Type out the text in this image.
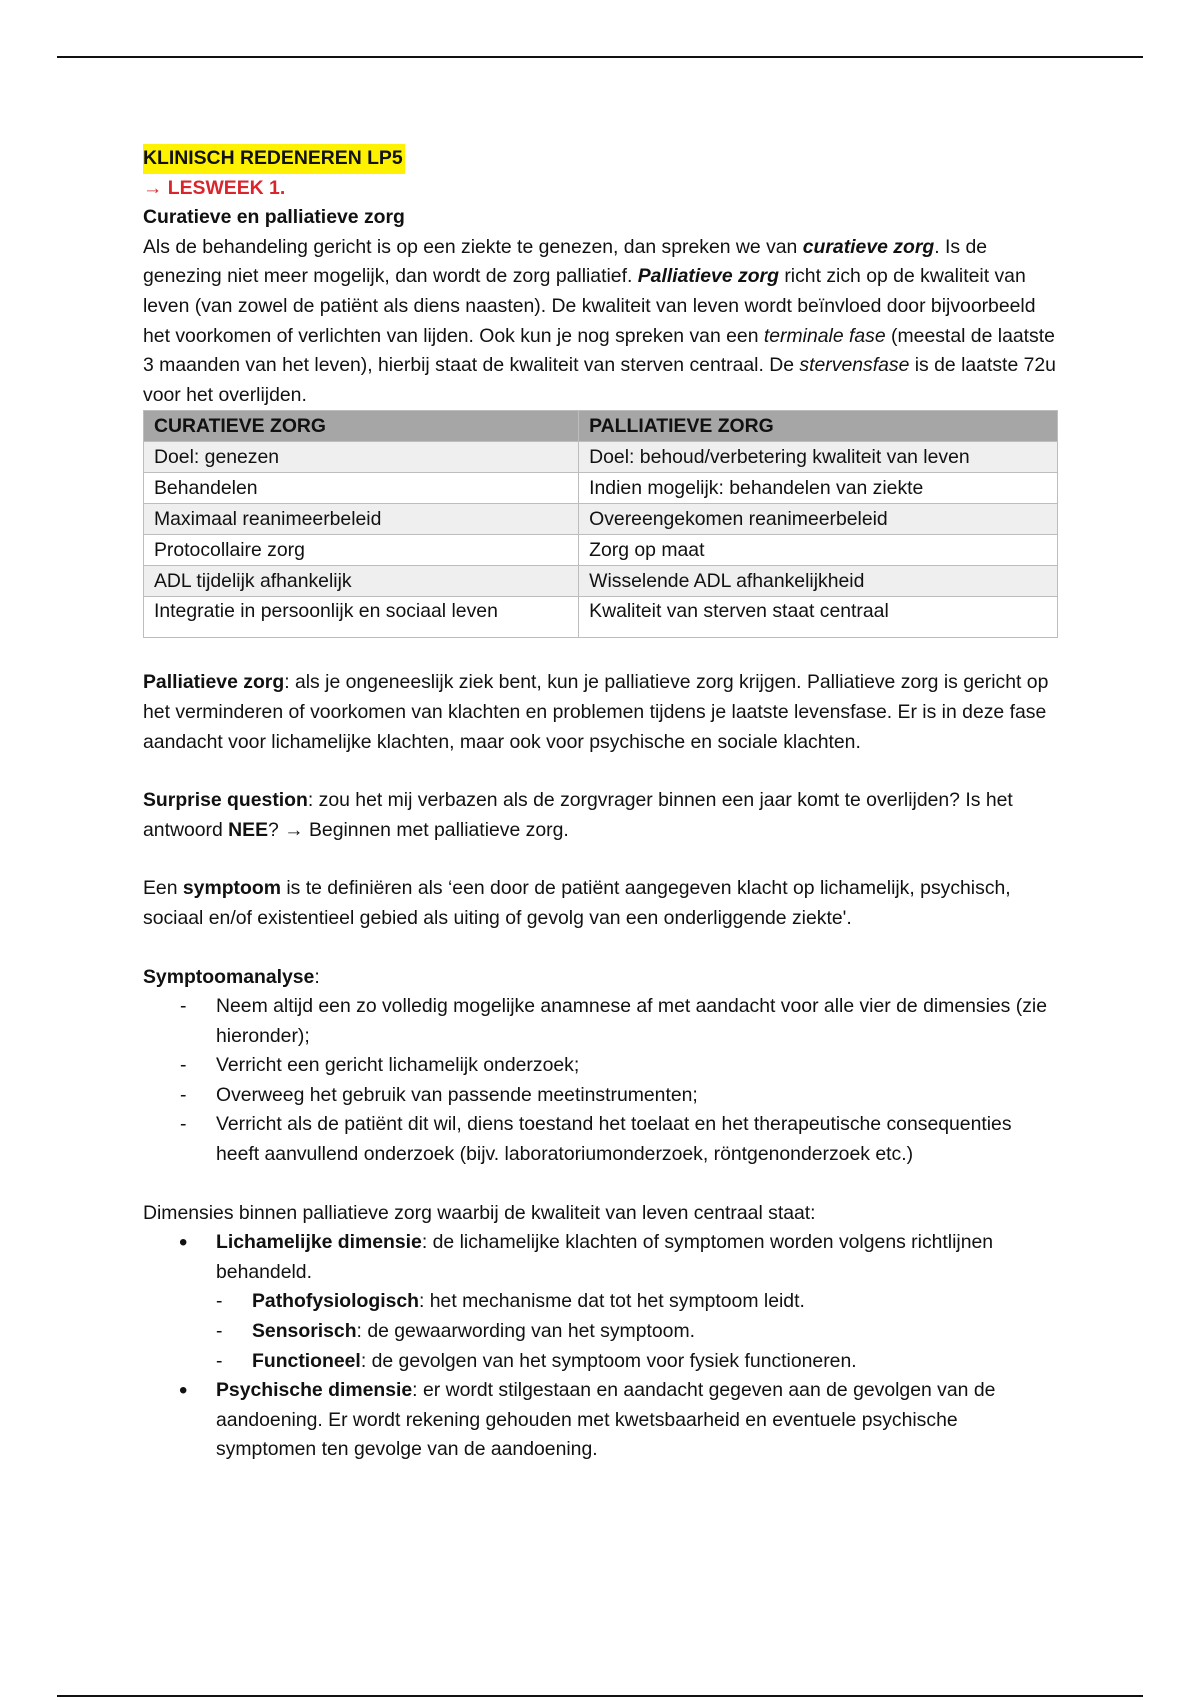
KLINISCH REDENEREN LP5

→ LESWEEK 1.

Curatieve en palliatieve zorg

Als de behandeling gericht is op een ziekte te genezen, dan spreken we van curatieve zorg. Is de genezing niet meer mogelijk, dan wordt de zorg palliatief. Palliatieve zorg richt zich op de kwaliteit van leven (van zowel de patiënt als diens naasten). De kwaliteit van leven wordt beïnvloed door bijvoorbeeld het voorkomen of verlichten van lijden. Ook kun je nog spreken van een terminale fase (meestal de laatste 3 maanden van het leven), hierbij staat de kwaliteit van sterven centraal. De stervensfase is de laatste 72u voor het overlijden.

CURATIEVE ZORG	PALLIATIEVE ZORG
Doel: genezen	Doel: behoud/verbetering kwaliteit van leven
Behandelen	Indien mogelijk: behandelen van ziekte
Maximaal reanimeerbeleid	Overeengekomen reanimeerbeleid
Protocollaire zorg	Zorg op maat
ADL tijdelijk afhankelijk	Wisselende ADL afhankelijkheid
Integratie in persoonlijk en sociaal leven	Kwaliteit van sterven staat centraal

Palliatieve zorg: als je ongeneeslijk ziek bent, kun je palliatieve zorg krijgen. Palliatieve zorg is gericht op het verminderen of voorkomen van klachten en problemen tijdens je laatste levensfase. Er is in deze fase aandacht voor lichamelijke klachten, maar ook voor psychische en sociale klachten.

Surprise question: zou het mij verbazen als de zorgvrager binnen een jaar komt te overlijden? Is het antwoord NEE? → Beginnen met palliatieve zorg.

Een symptoom is te definiëren als ‘een door de patiënt aangegeven klacht op lichamelijk, psychisch, sociaal en/of existentieel gebied als uiting of gevolg van een onderliggende ziekte'.

Symptoomanalyse:

- Neem altijd een zo volledig mogelijke anamnese af met aandacht voor alle vier de dimensies (zie hieronder);
- Verricht een gericht lichamelijk onderzoek;
- Overweeg het gebruik van passende meetinstrumenten;
- Verricht als de patiënt dit wil, diens toestand het toelaat en het therapeutische consequenties heeft aanvullend onderzoek (bijv. laboratoriumonderzoek, röntgenonderzoek etc.)

Dimensies binnen palliatieve zorg waarbij de kwaliteit van leven centraal staat:

• Lichamelijke dimensie: de lichamelijke klachten of symptomen worden volgens richtlijnen behandeld.
- Pathofysiologisch: het mechanisme dat tot het symptoom leidt.
- Sensorisch: de gewaarwording van het symptoom.
- Functioneel: de gevolgen van het symptoom voor fysiek functioneren.
• Psychische dimensie: er wordt stilgestaan en aandacht gegeven aan de gevolgen van de aandoening. Er wordt rekening gehouden met kwetsbaarheid en eventuele psychische symptomen ten gevolge van de aandoening.
